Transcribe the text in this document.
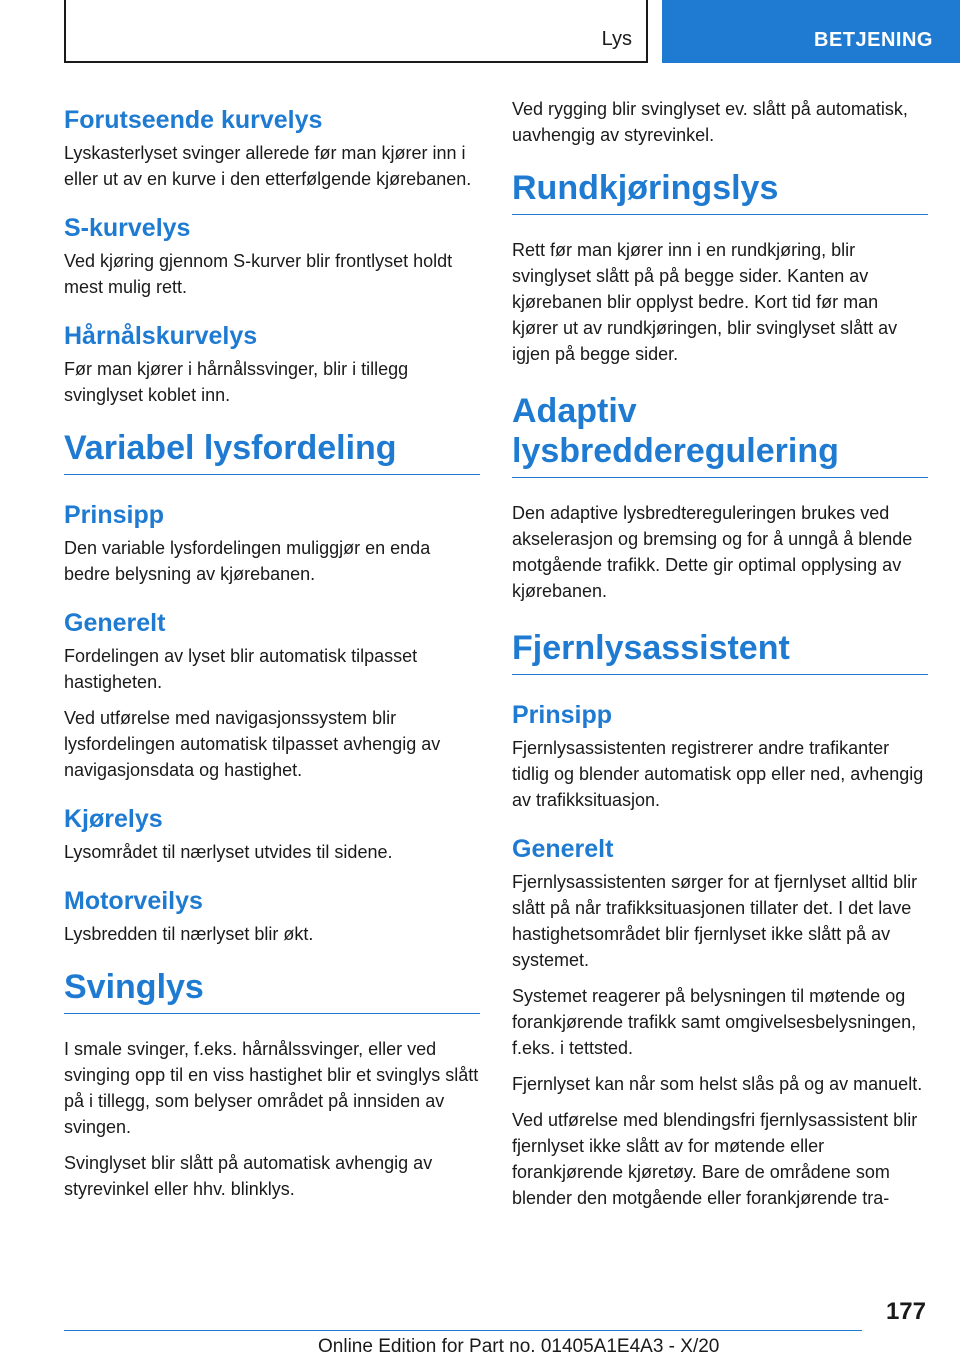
Lys	BETJENING
Forutseende kurvelys

Lyskasterlyset svinger allerede før man kjører inn i eller ut av en kurve i den etterfølgende kjørebanen.

S-kurvelys

Ved kjøring gjennom S-kurver blir frontlyset holdt mest mulig rett.

Hårnålskurvelys

Før man kjører i hårnålssvinger, blir i tillegg svinglyset koblet inn.

Variabel lysfordeling
Prinsipp

Den variable lysfordelingen muliggjør en enda bedre belysning av kjørebanen.

Generelt

Fordelingen av lyset blir automatisk tilpasset hastigheten.

Ved utførelse med navigasjonssystem blir lysfordelingen automatisk tilpasset avhengig av navigasjonsdata og hastighet.

Kjørelys

Lysområdet til nærlyset utvides til sidene.

Motorveilys

Lysbredden til nærlyset blir økt.

Svinglys

I smale svinger, f.eks. hårnålssvinger, eller ved svinging opp til en viss hastighet blir et svinglys slått på i tillegg, som belyser området på innsiden av svingen.

Svinglyset blir slått på automatisk avhengig av styrevinkel eller hhv. blinklys.

Ved rygging blir svinglyset ev. slått på automatisk, uavhengig av styrevinkel.

Rundkjøringslys

Rett før man kjører inn i en rundkjøring, blir svinglyset slått på på begge sider. Kanten av kjørebanen blir opplyst bedre. Kort tid før man kjører ut av rundkjøringen, blir svinglyset slått av igjen på begge sider.

Adaptiv lysbredderegulering

Den adaptive lysbredtereguleringen brukes ved akselerasjon og bremsing og for å unngå å blende motgående trafikk. Dette gir optimal opplysing av kjørebanen.

Fjernlysassistent
Prinsipp

Fjernlysassistenten registrerer andre trafikanter tidlig og blender automatisk opp eller ned, avhengig av trafikksituasjon.

Generelt

Fjernlysassistenten sørger for at fjernlyset alltid blir slått på når trafikksituasjonen tillater det. I det lave hastighetsområdet blir fjernlyset ikke slått på av systemet.

Systemet reagerer på belysningen til møtende og forankjørende trafikk samt omgivelsesbelysningen, f.eks. i tettsted.

Fjernlyset kan når som helst slås på og av manuelt.

Ved utførelse med blendingsfri fjernlysassistent blir fjernlyset ikke slått av for møtende eller forankjørende kjøretøy. Bare de områdene som blender den motgående eller forankjørende tra-

177
Online Edition for Part no. 01405A1E4A3 - X/20
